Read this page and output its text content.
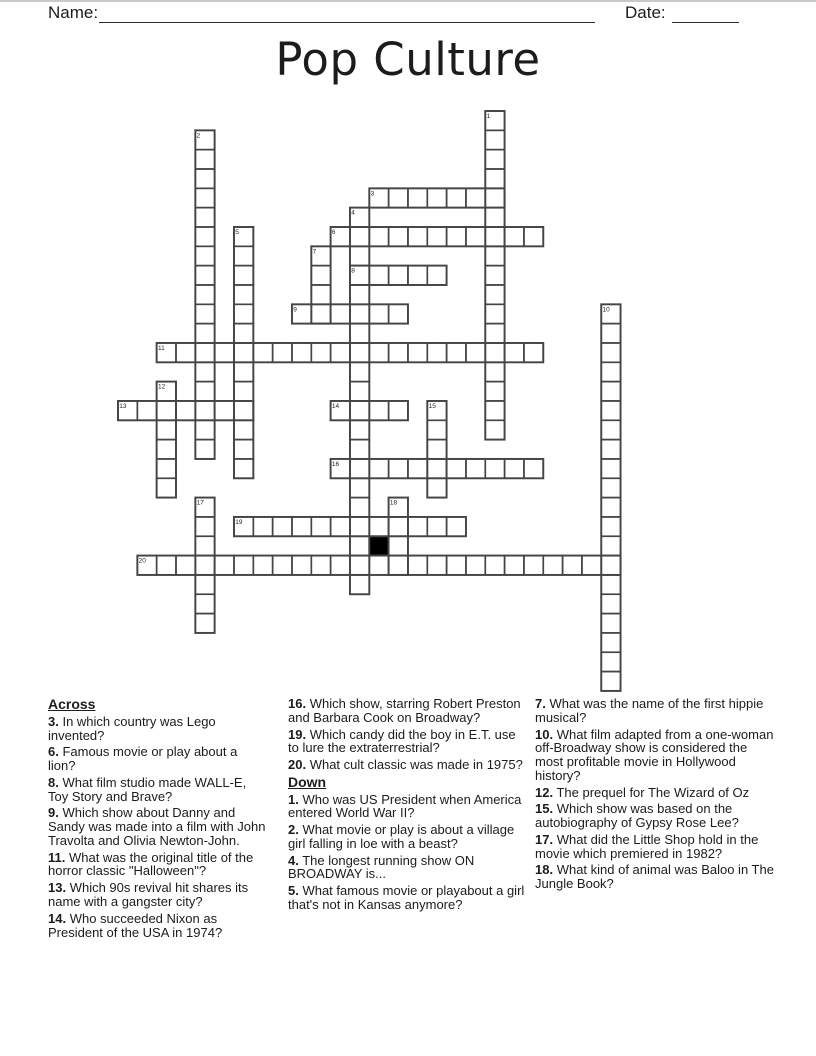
Name:	Date:
Pop Culture
1
2
3
4
8
5	6
7
9	10
11
12
13	14	15
16
17	18
19
20
Across
3. In which country was Lego invented?
6. Famous movie or play about a lion?
8. What film studio made WALL-E, Toy Story and Brave?
9. Which show about Danny and Sandy was made into a film with John Travolta and Olivia Newton-John.
11. What was the original title of the horror classic "Halloween"?
13. Which 90s revival hit shares its name with a gangster city?
14. Who succeeded Nixon as President of the USA in 1974?
16. Which show, starring Robert Preston and Barbara Cook on Broadway?
19. Which candy did the boy in E.T. use to lure the extraterrestrial?
20. What cult classic was made in 1975?
Down
1. Who was US President when America entered World War II?
2. What movie or play is about a village girl falling in loe with a beast?
4. The longest running show ON BROADWAY is...
5. What famous movie or playabout a girl that's not in Kansas anymore?
7. What was the name of the first hippie musical?
10. What film adapted from a one-woman off-Broadway show is considered the most profitable movie in Hollywood history?
12. The prequel for The Wizard of Oz
15. Which show was based on the autobiography of Gypsy Rose Lee?
17. What did the Little Shop hold in the movie which premiered in 1982?
18. What kind of animal was Baloo in The Jungle Book?
